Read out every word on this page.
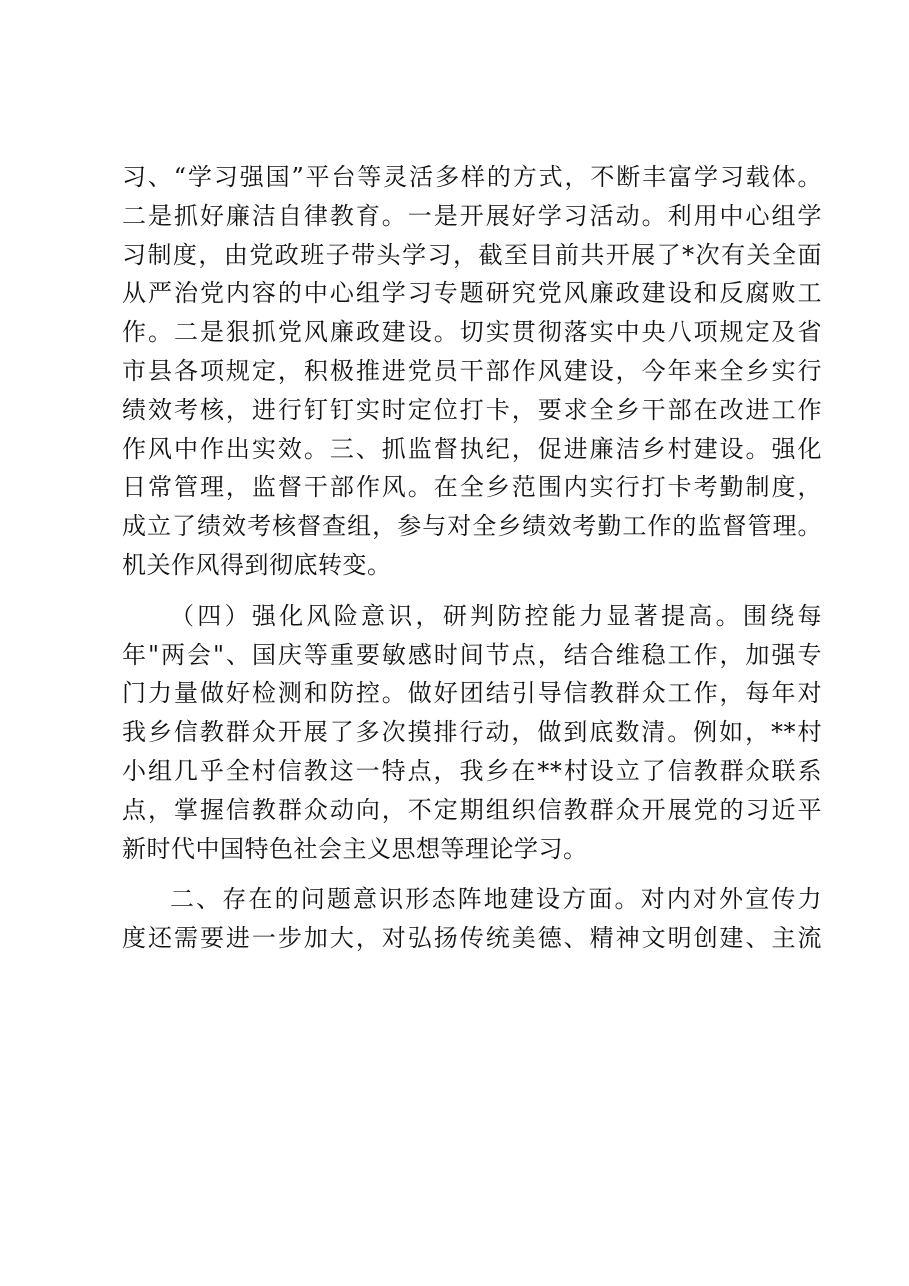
习、“学习强国”平台等灵活多样的方式，不断丰富学习载体。
二是抓好廉洁自律教育。一是开展好学习活动。利用中心组学
习制度，由党政班子带头学习，截至目前共开展了*次有关全面
从严治党内容的中心组学习专题研究党风廉政建设和反腐败工
作。二是狠抓党风廉政建设。切实贯彻落实中央八项规定及省
市县各项规定，积极推进党员干部作风建设，今年来全乡实行
绩效考核，进行钉钉实时定位打卡，要求全乡干部在改进工作
作风中作出实效。三、抓监督执纪，促进廉洁乡村建设。强化
日常管理，监督干部作风。在全乡范围内实行打卡考勤制度，
成立了绩效考核督查组，参与对全乡绩效考勤工作的监督管理。
机关作风得到彻底转变。
（四）强化风险意识，研判防控能力显著提高。围绕每
年"两会"、国庆等重要敏感时间节点，结合维稳工作，加强专
门力量做好检测和防控。做好团结引导信教群众工作，每年对
我乡信教群众开展了多次摸排行动，做到底数清。例如，**村
小组几乎全村信教这一特点，我乡在**村设立了信教群众联系
点，掌握信教群众动向，不定期组织信教群众开展党的习近平
新时代中国特色社会主义思想等理论学习。
二、存在的问题意识形态阵地建设方面。对内对外宣传力
度还需要进一步加大，对弘扬传统美德、精神文明创建、主流
